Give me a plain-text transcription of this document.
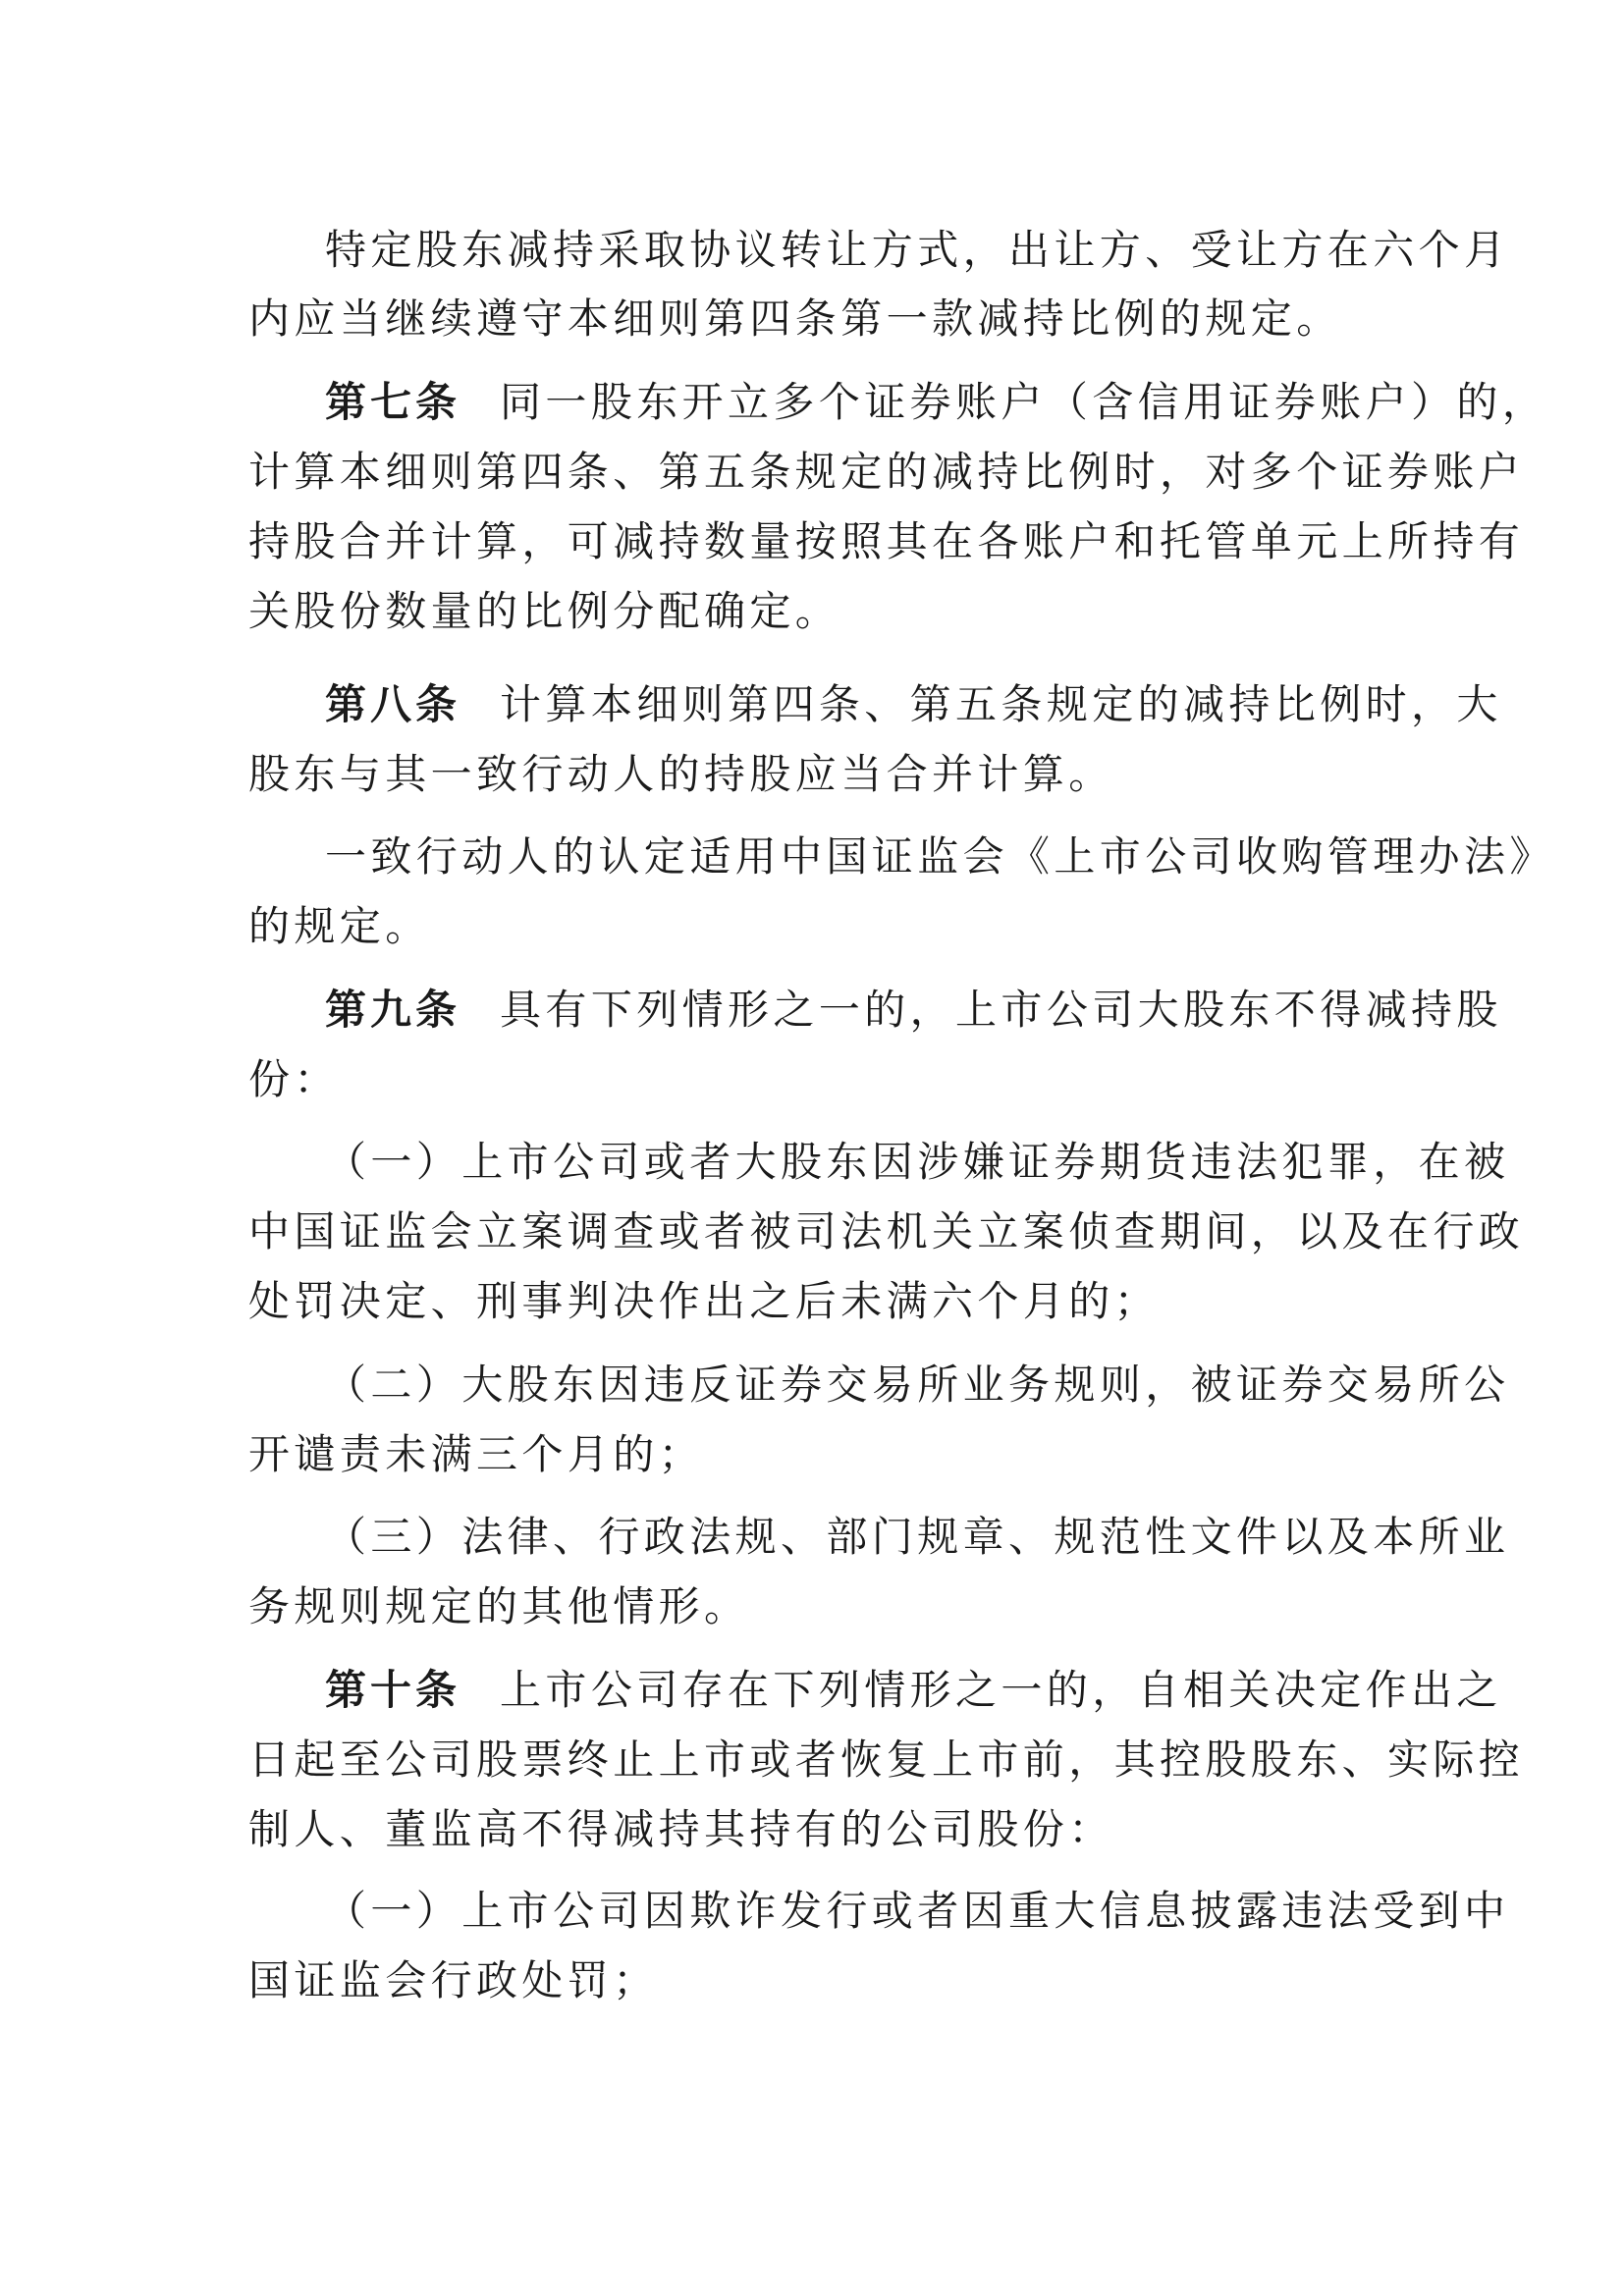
特定股东减持采取协议转让方式，出让方、受让方在六个月
内应当继续遵守本细则第四条第一款减持比例的规定。
第七条 同一股东开立多个证券账户（含信用证券账户）的，
计算本细则第四条、第五条规定的减持比例时，对多个证券账户
持股合并计算，可减持数量按照其在各账户和托管单元上所持有
关股份数量的比例分配确定。
第八条 计算本细则第四条、第五条规定的减持比例时，大
股东与其一致行动人的持股应当合并计算。
一致行动人的认定适用中国证监会《上市公司收购管理办法》
的规定。
第九条 具有下列情形之一的，上市公司大股东不得减持股
份：
（一）上市公司或者大股东因涉嫌证券期货违法犯罪，在被
中国证监会立案调查或者被司法机关立案侦查期间，以及在行政
处罚决定、刑事判决作出之后未满六个月的；
（二）大股东因违反证券交易所业务规则，被证券交易所公
开谴责未满三个月的；
（三）法律、行政法规、部门规章、规范性文件以及本所业
务规则规定的其他情形。
第十条 上市公司存在下列情形之一的，自相关决定作出之
日起至公司股票终止上市或者恢复上市前，其控股股东、实际控
制人、董监高不得减持其持有的公司股份：
（一）上市公司因欺诈发行或者因重大信息披露违法受到中
国证监会行政处罚；
